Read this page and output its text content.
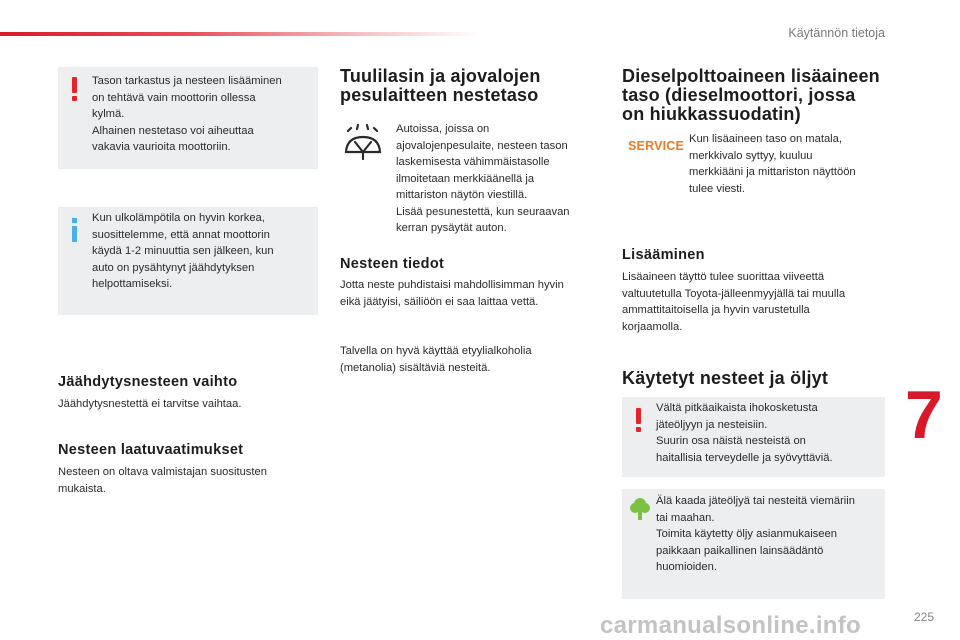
Käytännön tietoja
Tason tarkastus ja nesteen lisääminen
on tehtävä vain moottorin ollessa
kylmä.
Alhainen nestetaso voi aiheuttaa
vakavia vaurioita moottoriin.
Kun ulkolämpötila on hyvin korkea,
suosittelemme, että annat moottorin
käydä 1-2 minuuttia sen jälkeen, kun
auto on pysähtynyt jäähdytyksen
helpottamiseksi.
Jäähdytysnesteen vaihto
Jäähdytysnestettä ei tarvitse vaihtaa.
Nesteen laatuvaatimukset
Nesteen on oltava valmistajan suositusten
mukaista.
Tuulilasin ja ajovalojen
pesulaitteen nestetaso
Autoissa, joissa on
ajovalojenpesulaite, nesteen tason
laskemisesta vähimmäistasolle
ilmoitetaan merkkiäänellä ja
mittariston näytön viestillä.
Lisää pesunestettä, kun seuraavan
kerran pysäytät auton.
Nesteen tiedot
Jotta neste puhdistaisi mahdollisimman hyvin
eikä jäätyisi, säiliöön ei saa laittaa vettä.
Talvella on hyvä käyttää etyylialkoholia
(metanolia) sisältäviä nesteitä.
Dieselpolttoaineen lisäaineen
taso (dieselmoottori, jossa
on hiukkassuodatin)
SERVICE Kun lisäaineen taso on matala,
merkkivalo syttyy, kuuluu
merkkiääni ja mittariston näyttöön
tulee viesti.
Lisääminen
Lisäaineen täyttö tulee suorittaa viiveettä
valtuutetulla Toyota-jälleenmyyjällä tai muulla
ammattitaitoisella ja hyvin varustetulla
korjaamolla.
Käytetyt nesteet ja öljyt
Vältä pitkäaikaista ihokosketusta
jäteöljyyn ja nesteisiin.
Suurin osa näistä nesteistä on
haitallisia terveydelle ja syövyttäviä.
Älä kaada jäteöljyä tai nesteitä viemäriin
tai maahan.
Toimita käytetty öljy asianmukaiseen
paikkaan paikallinen lainsäädäntö
huomioiden.
7
carmanualsonline.info	225
